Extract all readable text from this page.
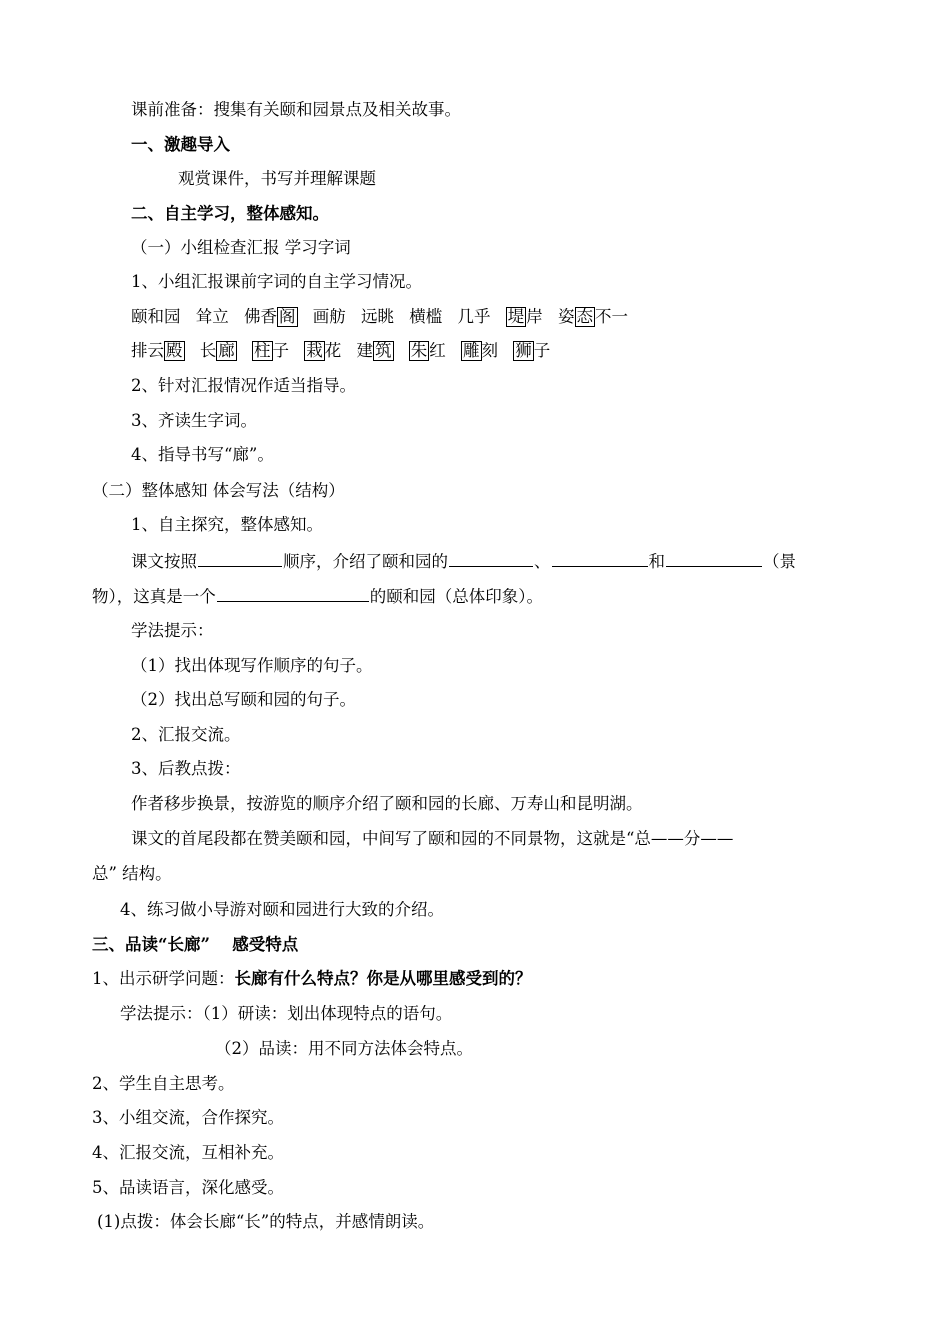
课前准备：搜集有关颐和园景点及相关故事。
一、激趣导入
观赏课件，书写并理解课题
二、自主学习，整体感知。
（一）小组检查汇报 学习字词
1、小组汇报课前字词的自主学习情况。
颐和园 耸立 佛香 阁 画舫 远眺 横槛 几乎 堤 岸 姿 态 不一
排云 殿 长 廊 柱 子 栽 花 建 筑 朱 红 雕 刻 狮 子
2、针对汇报情况作适当指导。
3、齐读生字词。
4、指导书写“廊”。
（二）整体感知 体会写法（结构）
1、自主探究，整体感知。
课文按照	顺序，介绍了颐和园的	、	和	（景
物），这真是一个	的颐和园（总体印象）。
学法提示：
（1）找出体现写作顺序的句子。
（2）找出总写颐和园的句子。
2、汇报交流。
3、后教点拨：
作者移步换景，按游览的顺序介绍了颐和园的长廊、万寿山和昆明湖。
课文的首尾段都在赞美颐和园，中间写了颐和园的不同景物，这就是“总——分——
总” 结构。
4、练习做小导游对颐和园进行大致的介绍。
三、品读“长廊”　 感受特点
1、出示研学问题：长廊有什么特点？你是从哪里感受到的？
学法提示：（1）研读：划出体现特点的语句。
（2）品读：用不同方法体会特点。
2、学生自主思考。
3、小组交流，合作探究。
4、汇报交流，互相补充。
5、品读语言，深化感受。
(1)点拨：体会长廊“长”的特点，并感情朗读。
